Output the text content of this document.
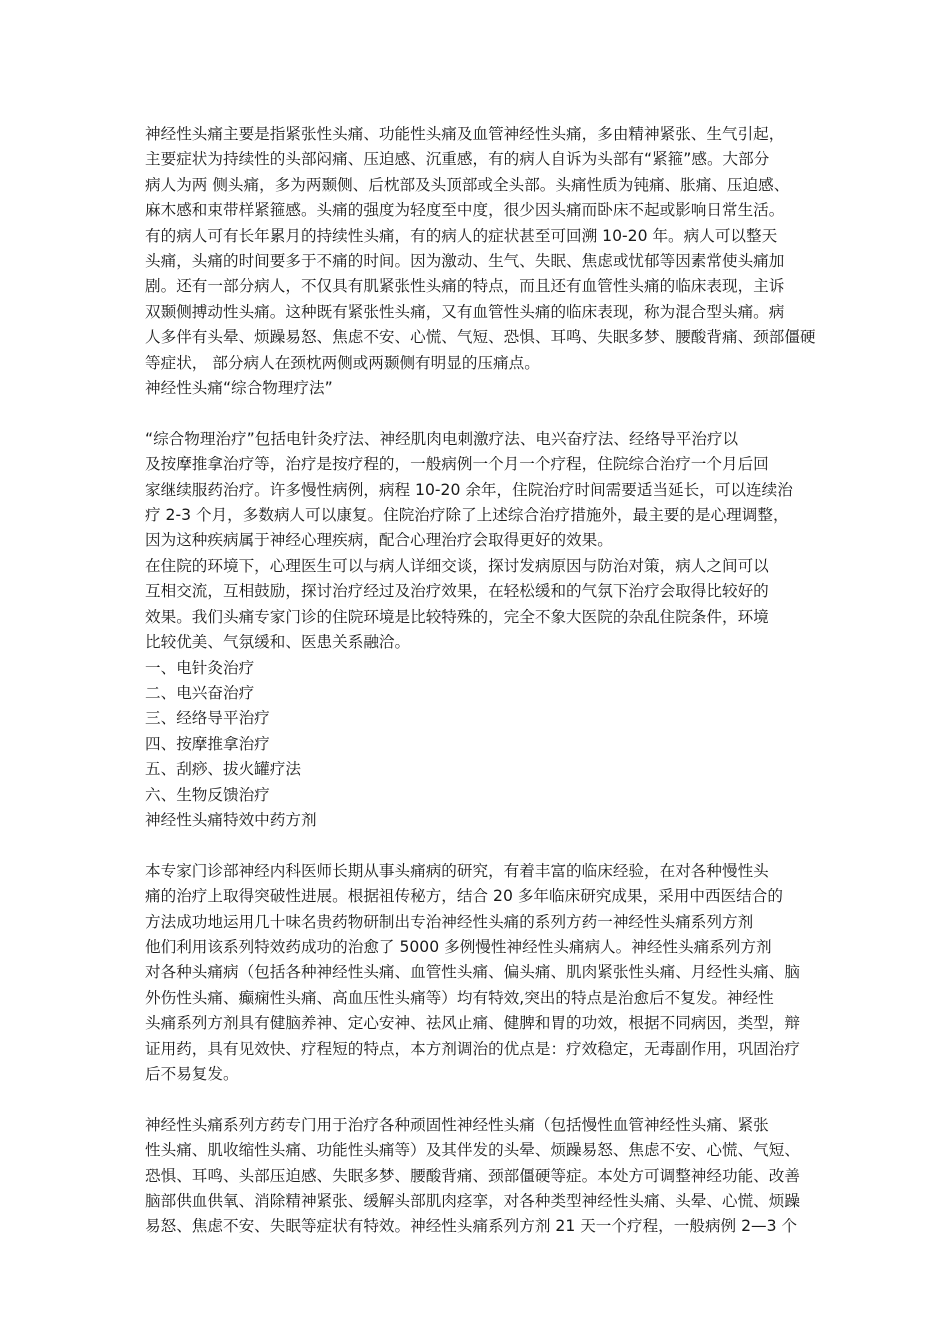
神经性头痛主要是指紧张性头痛、功能性头痛及血管神经性头痛，多由精神紧张、生气引起，
主要症状为持续性的头部闷痛、压迫感、沉重感，有的病人自诉为头部有“紧箍”感。大部分
病人为两 侧头痛，多为两颞侧、后枕部及头顶部或全头部。头痛性质为钝痛、胀痛、压迫感、
麻木感和束带样紧箍感。头痛的强度为轻度至中度，很少因头痛而卧床不起或影响日常生活。
有的病人可有长年累月的持续性头痛，有的病人的症状甚至可回溯 10-20 年。病人可以整天
头痛，头痛的时间要多于不痛的时间。因为激动、生气、失眠、焦虑或忧郁等因素常使头痛加
剧。还有一部分病人，不仅具有肌紧张性头痛的特点，而且还有血管性头痛的临床表现，主诉
双颞侧搏动性头痛。这种既有紧张性头痛，又有血管性头痛的临床表现，称为混合型头痛。病
人多伴有头晕、烦躁易怒、焦虑不安、心慌、气短、恐惧、耳鸣、失眠多梦、腰酸背痛、颈部僵硬
等症状， 部分病人在颈枕两侧或两颞侧有明显的压痛点。

神经性头痛“综合物理疗法”

“综合物理治疗”包括电针灸疗法、神经肌肉电刺激疗法、电兴奋疗法、经络导平治疗以
及按摩推拿治疗等，治疗是按疗程的，一般病例一个月一个疗程，住院综合治疗一个月后回
家继续服药治疗。许多慢性病例，病程 10-20 余年，住院治疗时间需要适当延长，可以连续治
疗 2-3 个月，多数病人可以康复。住院治疗除了上述综合治疗措施外，最主要的是心理调整，
因为这种疾病属于神经心理疾病，配合心理治疗会取得更好的效果。

在住院的环境下，心理医生可以与病人详细交谈，探讨发病原因与防治对策，病人之间可以
互相交流，互相鼓励，探讨治疗经过及治疗效果，在轻松缓和的气氛下治疗会取得比较好的
效果。我们头痛专家门诊的住院环境是比较特殊的，完全不象大医院的杂乱住院条件，环境
比较优美、气氛缓和、医患关系融洽。

一、电针灸治疗
二、电兴奋治疗
三、经络导平治疗
四、按摩推拿治疗
五、刮痧、拔火罐疗法
六、生物反馈治疗

神经性头痛特效中药方剂

本专家门诊部神经内科医师长期从事头痛病的研究，有着丰富的临床经验，在对各种慢性头
痛的治疗上取得突破性进展。根据祖传秘方，结合 20 多年临床研究成果，采用中西医结合的
方法成功地运用几十味名贵药物研制出专治神经性头痛的系列方药一神经性头痛系列方剂
他们利用该系列特效药成功的治愈了 5000 多例慢性神经性头痛病人。神经性头痛系列方剂
对各种头痛病（包括各种神经性头痛、血管性头痛、偏头痛、肌肉紧张性头痛、月经性头痛、脑
外伤性头痛、癫痫性头痛、高血压性头痛等）均有特效,突出的特点是治愈后不复发。神经性
头痛系列方剂具有健脑养神、定心安神、祛风止痛、健脾和胃的功效，根据不同病因，类型，辩
证用药，具有见效快、疗程短的特点，本方剂调治的优点是：疗效稳定，无毒副作用，巩固治疗
后不易复发。

神经性头痛系列方药专门用于治疗各种顽固性神经性头痛（包括慢性血管神经性头痛、紧张
性头痛、肌收缩性头痛、功能性头痛等）及其伴发的头晕、烦躁易怒、焦虑不安、心慌、气短、
恐惧、耳鸣、头部压迫感、失眠多梦、腰酸背痛、颈部僵硬等症。本处方可调整神经功能、改善
脑部供血供氧、消除精神紧张、缓解头部肌肉痉挛，对各种类型神经性头痛、头晕、心慌、烦躁
易怒、焦虑不安、失眠等症状有特效。神经性头痛系列方剂 21 天一个疗程，一般病例 2—3 个
